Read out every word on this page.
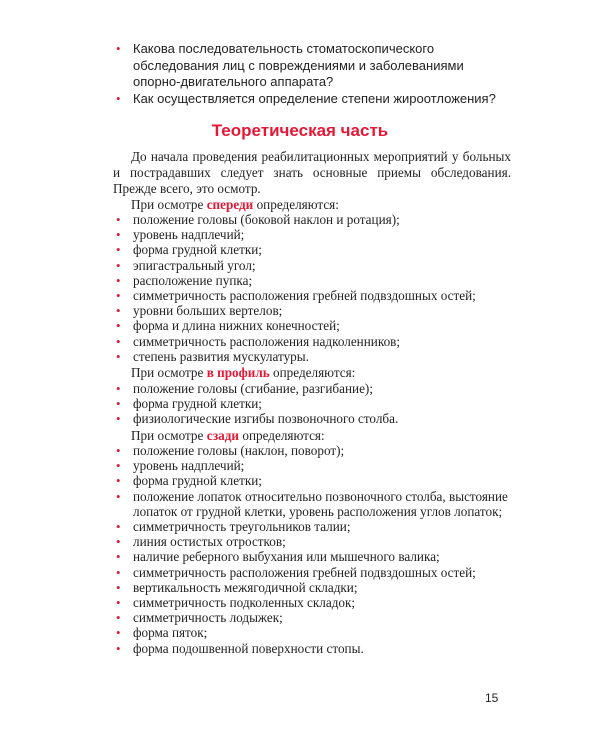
• Какова последовательность стоматоскопического обследования лиц с повреждениями и заболеваниями опорно-двигательного аппарата?
• Как осуществляется определение степени жироотложения?
Теоретическая часть

До начала проведения реабилитационных мероприятий у больных и пострадавших следует знать основные приемы обследования. Прежде всего, это осмотр.

При осмотре спереди определяются:
• положение головы (боковой наклон и ротация);
• уровень надплечий;
• форма грудной клетки;
• эпигастральный угол;
• расположение пупка;
• симметричность расположения гребней подвздошных остей;
• уровни больших вертелов;
• форма и длина нижних конечностей;
• симметричность расположения надколенников;
• степень развития мускулатуры.
При осмотре в профиль определяются:
• положение головы (сгибание, разгибание);
• форма грудной клетки;
• физиологические изгибы позвоночного столба.
При осмотре сзади определяются:
• положение головы (наклон, поворот);
• уровень надплечий;
• форма грудной клетки;
• положение лопаток относительно позвоночного столба, выстояние лопаток от грудной клетки, уровень расположения углов лопаток;
• симметричность треугольников талии;
• линия остистых отростков;
• наличие реберного выбухания или мышечного валика;
• симметричность расположения гребней подвздошных остей;
• вертикальность межягодичной складки;
• симметричность подколенных складок;
• симметричность лодыжек;
• форма пяток;
• форма подошвенной поверхности стопы.
15
